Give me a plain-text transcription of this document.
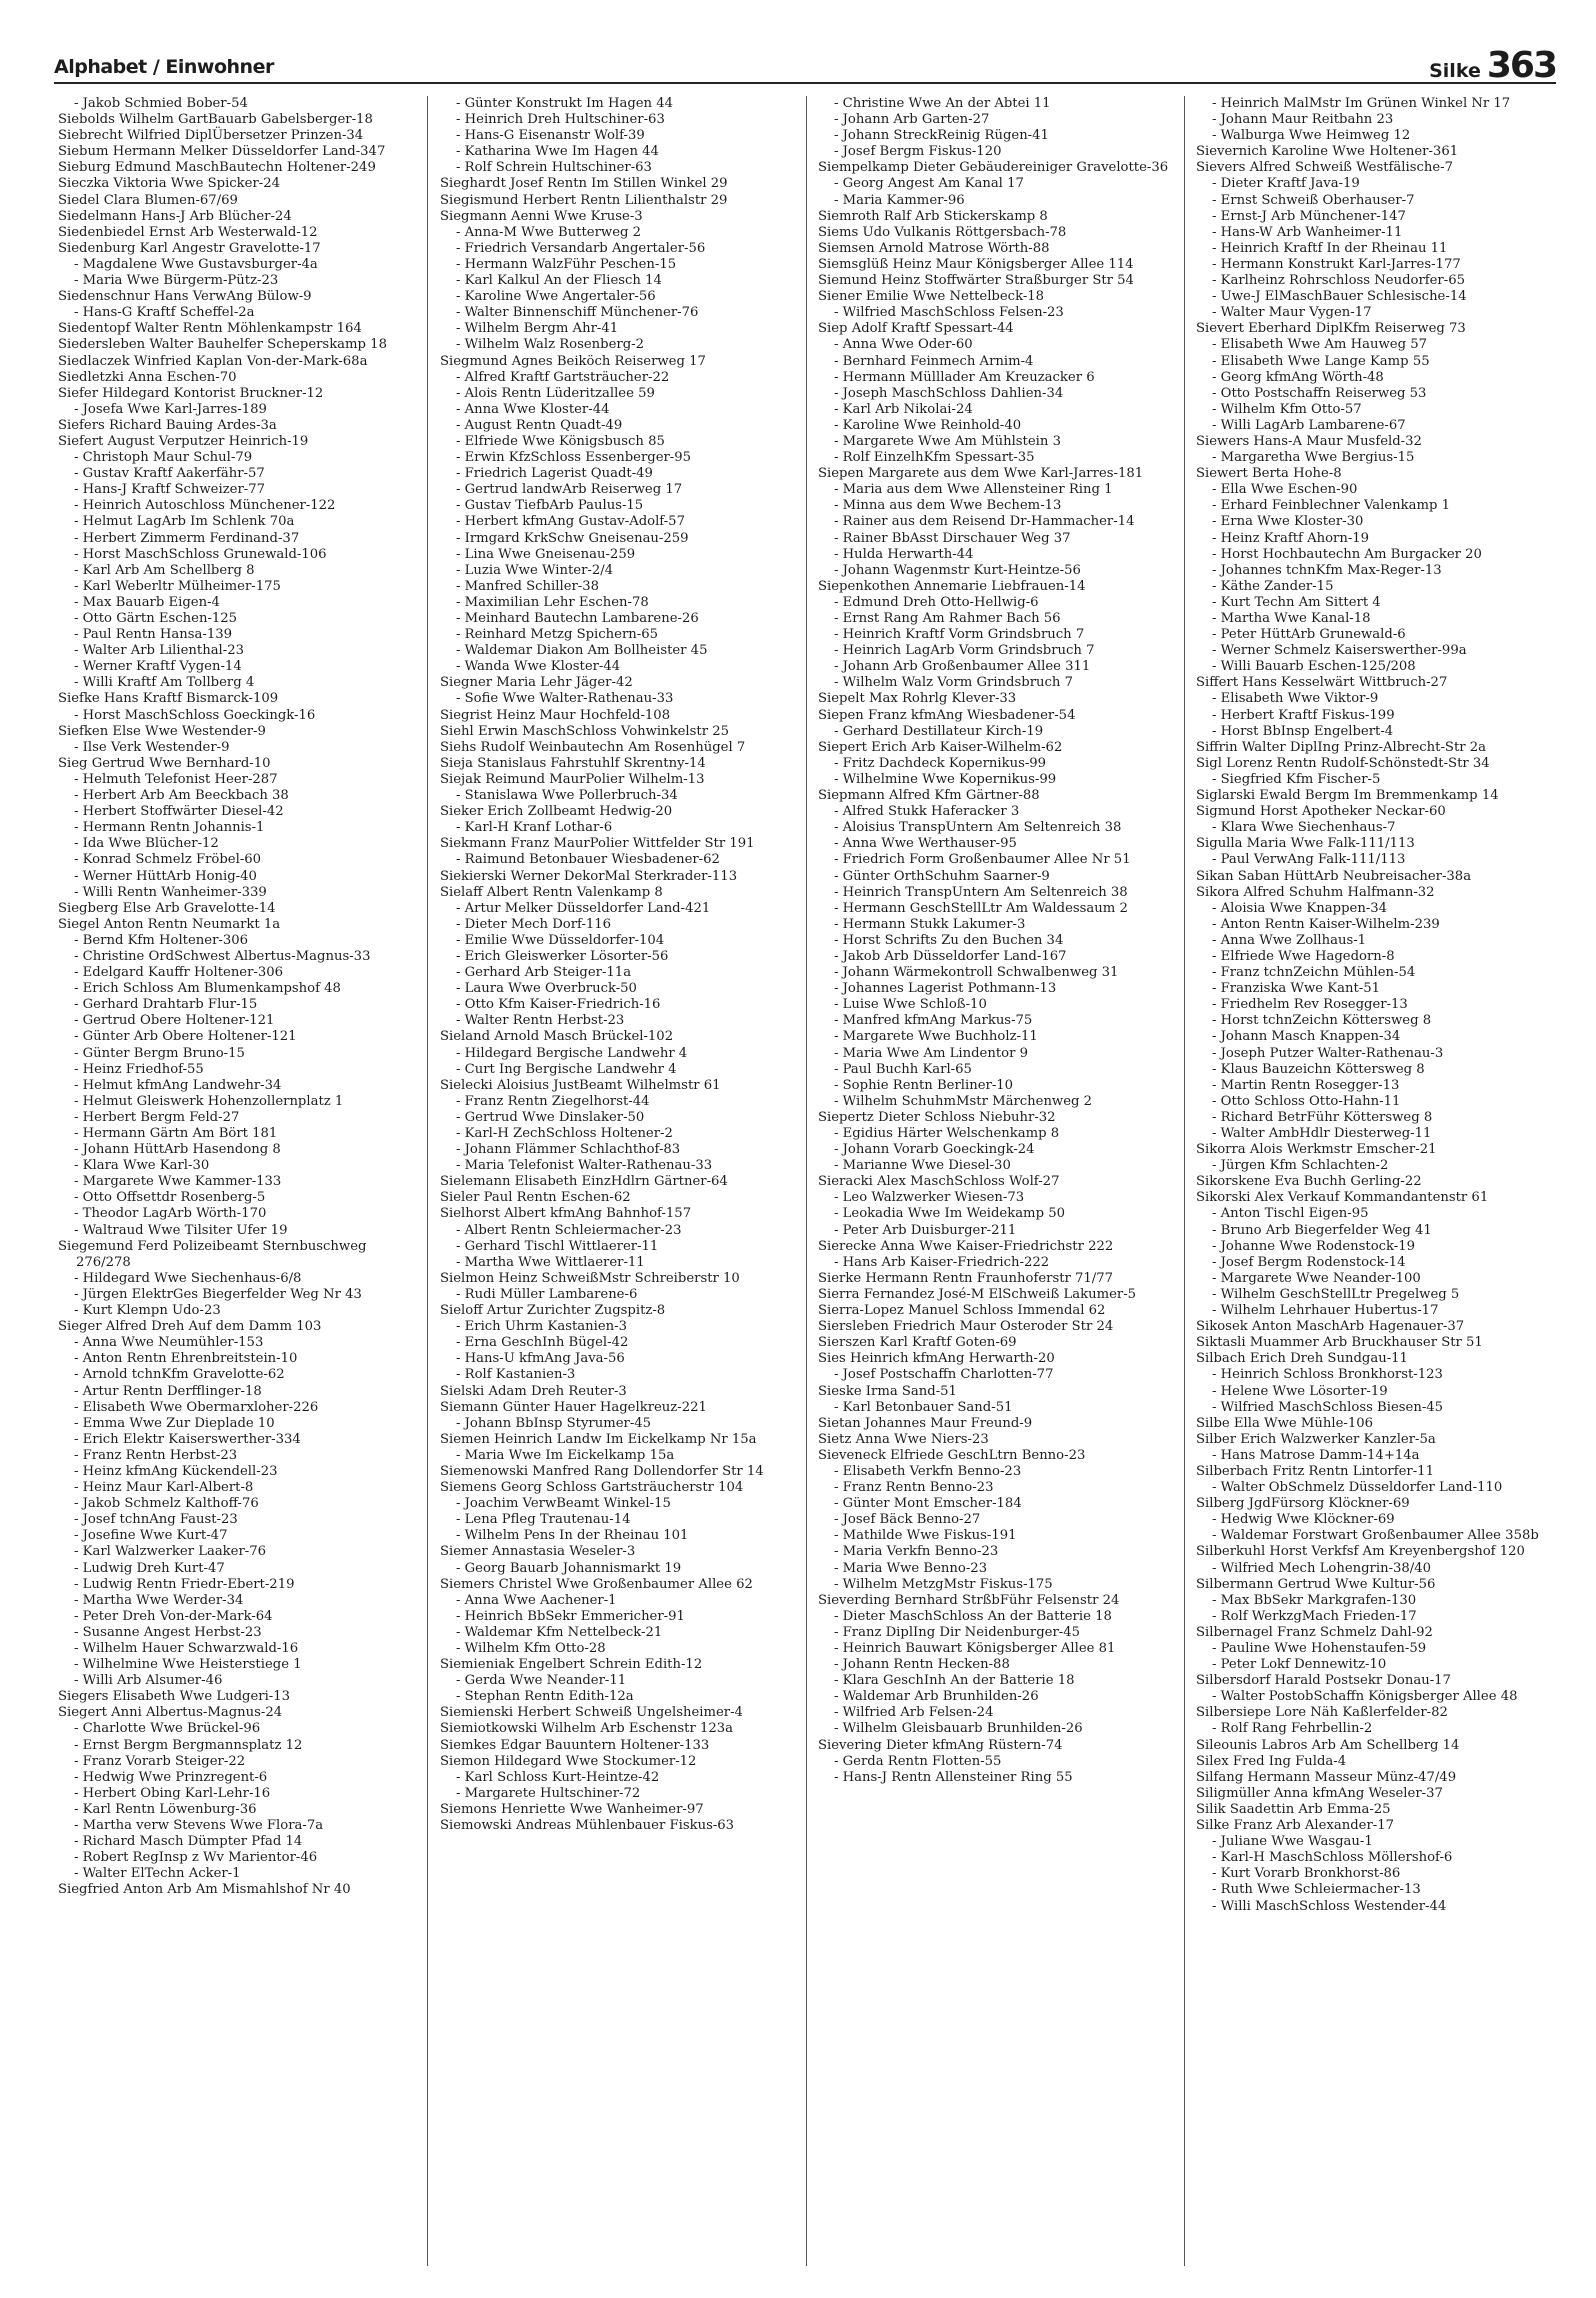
Alphabet / Einwohner	Silke 363

- Jakob Schmied Bober-54

Siebolds Wilhelm GartBauarb Gabelsberger-18

Siebrecht Wilfried DiplÜbersetzer Prinzen-34

Siebum Hermann Melker Düsseldorfer Land-347

Sieburg Edmund MaschBautechn Holtener-249

Sieczka Viktoria Wwe Spicker-24

Siedel Clara Blumen-67/69

Siedelmann Hans-J Arb Blücher-24

Siedenbiedel Ernst Arb Westerwald-12

Siedenburg Karl Angestr Gravelotte-17

- Magdalene Wwe Gustavsburger-4a

- Maria Wwe Bürgerm-Pütz-23

Siedenschnur Hans VerwAng Bülow-9

- Hans-G Kraftf Scheffel-2a

Siedentopf Walter Rentn Möhlenkampstr 164

Siedersleben Walter Bauhelfer Scheperskamp 18

Siedlaczek Winfried Kaplan Von-der-Mark-68a

Siedletzki Anna Eschen-70

Siefer Hildegard Kontorist Bruckner-12

- Josefa Wwe Karl-Jarres-189

Siefers Richard Bauing Ardes-3a

Siefert August Verputzer Heinrich-19

- Christoph Maur Schul-79

- Gustav Kraftf Aakerfähr-57

- Hans-J Kraftf Schweizer-77

- Heinrich Autoschloss Münchener-122

- Helmut LagArb Im Schlenk 70a

- Herbert Zimmerm Ferdinand-37

- Horst MaschSchloss Grunewald-106

- Karl Arb Am Schellberg 8

- Karl Weberltr Mülheimer-175

- Max Bauarb Eigen-4

- Otto Gärtn Eschen-125

- Paul Rentn Hansa-139

- Walter Arb Lilienthal-23

- Werner Kraftf Vygen-14

- Willi Kraftf Am Tollberg 4

Siefke Hans Kraftf Bismarck-109

- Horst MaschSchloss Goeckingk-16

Siefken Else Wwe Westender-9

- Ilse Verk Westender-9

Sieg Gertrud Wwe Bernhard-10

- Helmuth Telefonist Heer-287

- Herbert Arb Am Beeckbach 38

- Herbert Stoffwärter Diesel-42

- Hermann Rentn Johannis-1

- Ida Wwe Blücher-12

- Konrad Schmelz Fröbel-60

- Werner HüttArb Honig-40

- Willi Rentn Wanheimer-339

Siegberg Else Arb Gravelotte-14

Siegel Anton Rentn Neumarkt 1a

- Bernd Kfm Holtener-306

- Christine OrdSchwest Albertus-Magnus-33

- Edelgard Kauffr Holtener-306

- Erich Schloss Am Blumenkampshof 48

- Gerhard Drahtarb Flur-15

- Gertrud Obere Holtener-121

- Günter Arb Obere Holtener-121

- Günter Bergm Bruno-15

- Heinz Friedhof-55

- Helmut kfmAng Landwehr-34

- Helmut Gleiswerk Hohenzollernplatz 1

- Herbert Bergm Feld-27

- Hermann Gärtn Am Bört 181

- Johann HüttArb Hasendong 8

- Klara Wwe Karl-30

- Margarete Wwe Kammer-133

- Otto Offsettdr Rosenberg-5

- Theodor LagArb Wörth-170

- Waltraud Wwe Tilsiter Ufer 19

Siegemund Ferd Polizeibeamt Sternbuschweg 276/278

- Hildegard Wwe Siechenhaus-6/8

- Jürgen ElektrGes Biegerfelder Weg Nr 43

- Kurt Klempn Udo-23

Sieger Alfred Dreh Auf dem Damm 103

- Anna Wwe Neumühler-153

- Anton Rentn Ehrenbreitstein-10

- Arnold tchnKfm Gravelotte-62

- Artur Rentn Derfflinger-18

- Elisabeth Wwe Obermarxloher-226

- Emma Wwe Zur Dieplade 10

- Erich Elektr Kaiserswerther-334

- Franz Rentn Herbst-23

- Heinz kfmAng Kückendell-23

- Heinz Maur Karl-Albert-8

- Jakob Schmelz Kalthoff-76

- Josef tchnAng Faust-23

- Josefine Wwe Kurt-47

- Karl Walzwerker Laaker-76

- Ludwig Dreh Kurt-47

- Ludwig Rentn Friedr-Ebert-219

- Martha Wwe Werder-34

- Peter Dreh Von-der-Mark-64

- Susanne Angest Herbst-23

- Wilhelm Hauer Schwarzwald-16

- Wilhelmine Wwe Heisterstiege 1

- Willi Arb Alsumer-46

Siegers Elisabeth Wwe Ludgeri-13

Siegert Anni Albertus-Magnus-24

- Charlotte Wwe Brückel-96

- Ernst Bergm Bergmannsplatz 12

- Franz Vorarb Steiger-22

- Hedwig Wwe Prinzregent-6

- Herbert Obing Karl-Lehr-16

- Karl Rentn Löwenburg-36

- Martha verw Stevens Wwe Flora-7a

- Richard Masch Dümpter Pfad 14

- Robert RegInsp z Wv Marientor-46

- Walter ElTechn Acker-1

Siegfried Anton Arb Am Mismahlshof Nr 40

- Günter Konstrukt Im Hagen 44

- Heinrich Dreh Hultschiner-63

- Hans-G Eisenanstr Wolf-39

- Katharina Wwe Im Hagen 44

- Rolf Schrein Hultschiner-63

Sieghardt Josef Rentn Im Stillen Winkel 29

Siegismund Herbert Rentn Lilienthalstr 29

Siegmann Aenni Wwe Kruse-3

- Anna-M Wwe Butterweg 2

- Friedrich Versandarb Angertaler-56

- Hermann WalzFühr Peschen-15

- Karl Kalkul An der Fliesch 14

- Karoline Wwe Angertaler-56

- Walter Binnenschiff Münchener-76

- Wilhelm Bergm Ahr-41

- Wilhelm Walz Rosenberg-2

Siegmund Agnes Beiköch Reiserweg 17

- Alfred Kraftf Gartsträucher-22

- Alois Rentn Lüderitzallee 59

- Anna Wwe Kloster-44

- August Rentn Quadt-49

- Elfriede Wwe Königsbusch 85

- Erwin KfzSchloss Essenberger-95

- Friedrich Lagerist Quadt-49

- Gertrud landwArb Reiserweg 17

- Gustav TiefbArb Paulus-15

- Herbert kfmAng Gustav-Adolf-57

- Irmgard KrkSchw Gneisenau-259

- Lina Wwe Gneisenau-259

- Luzia Wwe Winter-2/4

- Manfred Schiller-38

- Maximilian Lehr Eschen-78

- Meinhard Bautechn Lambarene-26

- Reinhard Metzg Spichern-65

- Waldemar Diakon Am Bollheister 45

- Wanda Wwe Kloster-44

Siegner Maria Lehr Jäger-42

- Sofie Wwe Walter-Rathenau-33

Siegrist Heinz Maur Hochfeld-108

Siehl Erwin MaschSchloss Vohwinkelstr 25

Siehs Rudolf Weinbautechn Am Rosenhügel 7

Sieja Stanislaus Fahrstuhlf Skrentny-14

Siejak Reimund MaurPolier Wilhelm-13

- Stanislawa Wwe Pollerbruch-34

Sieker Erich Zollbeamt Hedwig-20

- Karl-H Kranf Lothar-6

Siekmann Franz MaurPolier Wittfelder Str 191

- Raimund Betonbauer Wiesbadener-62

Siekierski Werner DekorMal Sterkrader-113

Sielaff Albert Rentn Valenkamp 8

- Artur Melker Düsseldorfer Land-421

- Dieter Mech Dorf-116

- Emilie Wwe Düsseldorfer-104

- Erich Gleiswerker Lösorter-56

- Gerhard Arb Steiger-11a

- Laura Wwe Overbruck-50

- Otto Kfm Kaiser-Friedrich-16

- Walter Rentn Herbst-23

Sieland Arnold Masch Brückel-102

- Hildegard Bergische Landwehr 4

- Curt Ing Bergische Landwehr 4

Sielecki Aloisius JustBeamt Wilhelmstr 61

- Franz Rentn Ziegelhorst-44

- Gertrud Wwe Dinslaker-50

- Karl-H ZechSchloss Holtener-2

- Johann Flämmer Schlachthof-83

- Maria Telefonist Walter-Rathenau-33

Sielemann Elisabeth EinzHdlrn Gärtner-64

Sieler Paul Rentn Eschen-62

Sielhorst Albert kfmAng Bahnhof-157

- Albert Rentn Schleiermacher-23

- Gerhard Tischl Wittlaerer-11

- Martha Wwe Wittlaerer-11

Sielmon Heinz SchweißMstr Schreiberstr 10

- Rudi Müller Lambarene-6

Sieloff Artur Zurichter Zugspitz-8

- Erich Uhrm Kastanien-3

- Erna GeschInh Bügel-42

- Hans-U kfmAng Java-56

- Rolf Kastanien-3

Sielski Adam Dreh Reuter-3

Siemann Günter Hauer Hagelkreuz-221

- Johann BbInsp Styrumer-45

Siemen Heinrich Landw Im Eickelkamp Nr 15a

- Maria Wwe Im Eickelkamp 15a

Siemenowski Manfred Rang Dollendorfer Str 14

Siemens Georg Schloss Gartsträucherstr 104

- Joachim VerwBeamt Winkel-15

- Lena Pfleg Trautenau-14

- Wilhelm Pens In der Rheinau 101

Siemer Annastasia Weseler-3

- Georg Bauarb Johannismarkt 19

Siemers Christel Wwe Großenbaumer Allee 62

- Anna Wwe Aachener-1

- Heinrich BbSekr Emmericher-91

- Waldemar Kfm Nettelbeck-21

- Wilhelm Kfm Otto-28

Siemieniak Engelbert Schrein Edith-12

- Gerda Wwe Neander-11

- Stephan Rentn Edith-12a

Siemienski Herbert Schweiß Ungelsheimer-4

Siemiotkowski Wilhelm Arb Eschenstr 123a

Siemkes Edgar Bauuntern Holtener-133

Siemon Hildegard Wwe Stockumer-12

- Karl Schloss Kurt-Heintze-42

- Margarete Hultschiner-72

Siemons Henriette Wwe Wanheimer-97

Siemowski Andreas Mühlenbauer Fiskus-63

- Christine Wwe An der Abtei 11

- Johann Arb Garten-27

- Johann StreckReinig Rügen-41

- Josef Bergm Fiskus-120

Siempelkamp Dieter Gebäudereiniger Gravelotte-36

- Georg Angest Am Kanal 17

- Maria Kammer-96

Siemroth Ralf Arb Stickerskamp 8

Siems Udo Vulkanis Röttgersbach-78

Siemsen Arnold Matrose Wörth-88

Siemsglüß Heinz Maur Königsberger Allee 114

Siemund Heinz Stoffwärter Straßburger Str 54

Siener Emilie Wwe Nettelbeck-18

- Wilfried MaschSchloss Felsen-23

Siep Adolf Kraftf Spessart-44

- Anna Wwe Oder-60

- Bernhard Feinmech Arnim-4

- Hermann Mülllader Am Kreuzacker 6

- Joseph MaschSchloss Dahlien-34

- Karl Arb Nikolai-24

- Karoline Wwe Reinhold-40

- Margarete Wwe Am Mühlstein 3

- Rolf EinzelhKfm Spessart-35

Siepen Margarete aus dem Wwe Karl-Jarres-181

- Maria aus dem Wwe Allensteiner Ring 1

- Minna aus dem Wwe Bechem-13

- Rainer aus dem Reisend Dr-Hammacher-14

- Rainer BbAsst Dirschauer Weg 37

- Hulda Herwarth-44

- Johann Wagenmstr Kurt-Heintze-56

Siepenkothen Annemarie Liebfrauen-14

- Edmund Dreh Otto-Hellwig-6

- Ernst Rang Am Rahmer Bach 56

- Heinrich Kraftf Vorm Grindsbruch 7

- Heinrich LagArb Vorm Grindsbruch 7

- Johann Arb Großenbaumer Allee 311

- Wilhelm Walz Vorm Grindsbruch 7

Siepelt Max Rohrlg Klever-33

Siepen Franz kfmAng Wiesbadener-54

- Gerhard Destillateur Kirch-19

Siepert Erich Arb Kaiser-Wilhelm-62

- Fritz Dachdeck Kopernikus-99

- Wilhelmine Wwe Kopernikus-99

Siepmann Alfred Kfm Gärtner-88

- Alfred Stukk Haferacker 3

- Aloisius TranspUntern Am Seltenreich 38

- Anna Wwe Werthauser-95

- Friedrich Form Großenbaumer Allee Nr 51

- Günter OrthSchuhm Saarner-9

- Heinrich TranspUntern Am Seltenreich 38

- Hermann GeschStellLtr Am Waldessaum 2

- Hermann Stukk Lakumer-3

- Horst Schrifts Zu den Buchen 34

- Jakob Arb Düsseldorfer Land-167

- Johann Wärmekontroll Schwalbenweg 31

- Johannes Lagerist Pothmann-13

- Luise Wwe Schloß-10

- Manfred kfmAng Markus-75

- Margarete Wwe Buchholz-11

- Maria Wwe Am Lindentor 9

- Paul Buchh Karl-65

- Sophie Rentn Berliner-10

- Wilhelm SchuhmMstr Märchenweg 2

Siepertz Dieter Schloss Niebuhr-32

- Egidius Härter Welschenkamp 8

- Johann Vorarb Goeckingk-24

- Marianne Wwe Diesel-30

Sieracki Alex MaschSchloss Wolf-27

- Leo Walzwerker Wiesen-73

- Leokadia Wwe Im Weidekamp 50

- Peter Arb Duisburger-211

Sierecke Anna Wwe Kaiser-Friedrichstr 222

- Hans Arb Kaiser-Friedrich-222

Sierke Hermann Rentn Fraunhoferstr 71/77

Sierra Fernandez José-M ElSchweiß Lakumer-5

Sierra-Lopez Manuel Schloss Immendal 62

Siersleben Friedrich Maur Osteroder Str 24

Sierszen Karl Kraftf Goten-69

Sies Heinrich kfmAng Herwarth-20

- Josef Postschaffn Charlotten-77

Sieske Irma Sand-51

- Karl Betonbauer Sand-51

Sietan Johannes Maur Freund-9

Sietz Anna Wwe Niers-23

Sieveneck Elfriede GeschLtrn Benno-23

- Elisabeth Verkfn Benno-23

- Franz Rentn Benno-23

- Günter Mont Emscher-184

- Josef Bäck Benno-27

- Mathilde Wwe Fiskus-191

- Maria Verkfn Benno-23

- Maria Wwe Benno-23

- Wilhelm MetzgMstr Fiskus-175

Sieverding Bernhard StrßbFühr Felsenstr 24

- Dieter MaschSchloss An der Batterie 18

- Franz DiplIng Dir Neidenburger-45

- Heinrich Bauwart Königsberger Allee 81

- Johann Rentn Hecken-88

- Klara GeschInh An der Batterie 18

- Waldemar Arb Brunhilden-26

- Wilfried Arb Felsen-24

- Wilhelm Gleisbauarb Brunhilden-26

Sievering Dieter kfmAng Rüstern-74

- Gerda Rentn Flotten-55

- Hans-J Rentn Allensteiner Ring 55

- Heinrich MalMstr Im Grünen Winkel Nr 17

- Johann Maur Reitbahn 23

- Walburga Wwe Heimweg 12

Sievernich Karoline Wwe Holtener-361

Sievers Alfred Schweiß Westfälische-7

- Dieter Kraftf Java-19

- Ernst Schweiß Oberhauser-7

- Ernst-J Arb Münchener-147

- Hans-W Arb Wanheimer-11

- Heinrich Kraftf In der Rheinau 11

- Hermann Konstrukt Karl-Jarres-177

- Karlheinz Rohrschloss Neudorfer-65

- Uwe-J ElMaschBauer Schlesische-14

- Walter Maur Vygen-17

Sievert Eberhard DiplKfm Reiserweg 73

- Elisabeth Wwe Am Hauweg 57

- Elisabeth Wwe Lange Kamp 55

- Georg kfmAng Wörth-48

- Otto Postschaffn Reiserweg 53

- Wilhelm Kfm Otto-57

- Willi LagArb Lambarene-67

Siewers Hans-A Maur Musfeld-32

- Margaretha Wwe Bergius-15

Siewert Berta Hohe-8

- Ella Wwe Eschen-90

- Erhard Feinblechner Valenkamp 1

- Erna Wwe Kloster-30

- Heinz Kraftf Ahorn-19

- Horst Hochbautechn Am Burgacker 20

- Johannes tchnKfm Max-Reger-13

- Käthe Zander-15

- Kurt Techn Am Sittert 4

- Martha Wwe Kanal-18

- Peter HüttArb Grunewald-6

- Werner Schmelz Kaiserswerther-99a

- Willi Bauarb Eschen-125/208

Siffert Hans Kesselwärt Wittbruch-27

- Elisabeth Wwe Viktor-9

- Herbert Kraftf Fiskus-199

- Horst BbInsp Engelbert-4

Siffrin Walter DiplIng Prinz-Albrecht-Str 2a

Sigl Lorenz Rentn Rudolf-Schönstedt-Str 34

- Siegfried Kfm Fischer-5

Siglarski Ewald Bergm Im Bremmenkamp 14

Sigmund Horst Apotheker Neckar-60

- Klara Wwe Siechenhaus-7

Sigulla Maria Wwe Falk-111/113

- Paul VerwAng Falk-111/113

Sikan Saban HüttArb Neubreisacher-38a

Sikora Alfred Schuhm Halfmann-32

- Aloisia Wwe Knappen-34

- Anton Rentn Kaiser-Wilhelm-239

- Anna Wwe Zollhaus-1

- Elfriede Wwe Hagedorn-8

- Franz tchnZeichn Mühlen-54

- Franziska Wwe Kant-51

- Friedhelm Rev Rosegger-13

- Horst tchnZeichn Köttersweg 8

- Johann Masch Knappen-34

- Joseph Putzer Walter-Rathenau-3

- Klaus Bauzeichn Köttersweg 8

- Martin Rentn Rosegger-13

- Otto Schloss Otto-Hahn-11

- Richard BetrFühr Köttersweg 8

- Walter AmbHdlr Diesterweg-11

Sikorra Alois Werkmstr Emscher-21

- Jürgen Kfm Schlachten-2

Sikorskene Eva Buchh Gerling-22

Sikorski Alex Verkauf Kommandantenstr 61

- Anton Tischl Eigen-95

- Bruno Arb Biegerfelder Weg 41

- Johanne Wwe Rodenstock-19

- Josef Bergm Rodenstock-14

- Margarete Wwe Neander-100

- Wilhelm GeschStellLtr Pregelweg 5

- Wilhelm Lehrhauer Hubertus-17

Sikosek Anton MaschArb Hagenauer-37

Siktasli Muammer Arb Bruckhauser Str 51

Silbach Erich Dreh Sundgau-11

- Heinrich Schloss Bronkhorst-123

- Helene Wwe Lösorter-19

- Wilfried MaschSchloss Biesen-45

Silbe Ella Wwe Mühle-106

Silber Erich Walzwerker Kanzler-5a

- Hans Matrose Damm-14+14a

Silberbach Fritz Rentn Lintorfer-11

- Walter ObSchmelz Düsseldorfer Land-110

Silberg JgdFürsorg Klöckner-69

- Hedwig Wwe Klöckner-69

- Waldemar Forstwart Großenbaumer Allee 358b

Silberkuhl Horst Verkfsf Am Kreyenbergshof 120

- Wilfried Mech Lohengrin-38/40

Silbermann Gertrud Wwe Kultur-56

- Max BbSekr Markgrafen-130

- Rolf WerkzgMach Frieden-17

Silbernagel Franz Schmelz Dahl-92

- Pauline Wwe Hohenstaufen-59

- Peter Lokf Dennewitz-10

Silbersdorf Harald Postsekr Donau-17

- Walter PostobSchaffn Königsberger Allee 48

Silbersiepe Lore Näh Kaßlerfelder-82

- Rolf Rang Fehrbellin-2

Sileounis Labros Arb Am Schellberg 14

Silex Fred Ing Fulda-4

Silfang Hermann Masseur Münz-47/49

Siligmüller Anna kfmAng Weseler-37

Silik Saadettin Arb Emma-25

Silke Franz Arb Alexander-17

- Juliane Wwe Wasgau-1

- Karl-H MaschSchloss Möllershof-6

- Kurt Vorarb Bronkhorst-86

- Ruth Wwe Schleiermacher-13

- Willi MaschSchloss Westender-44
